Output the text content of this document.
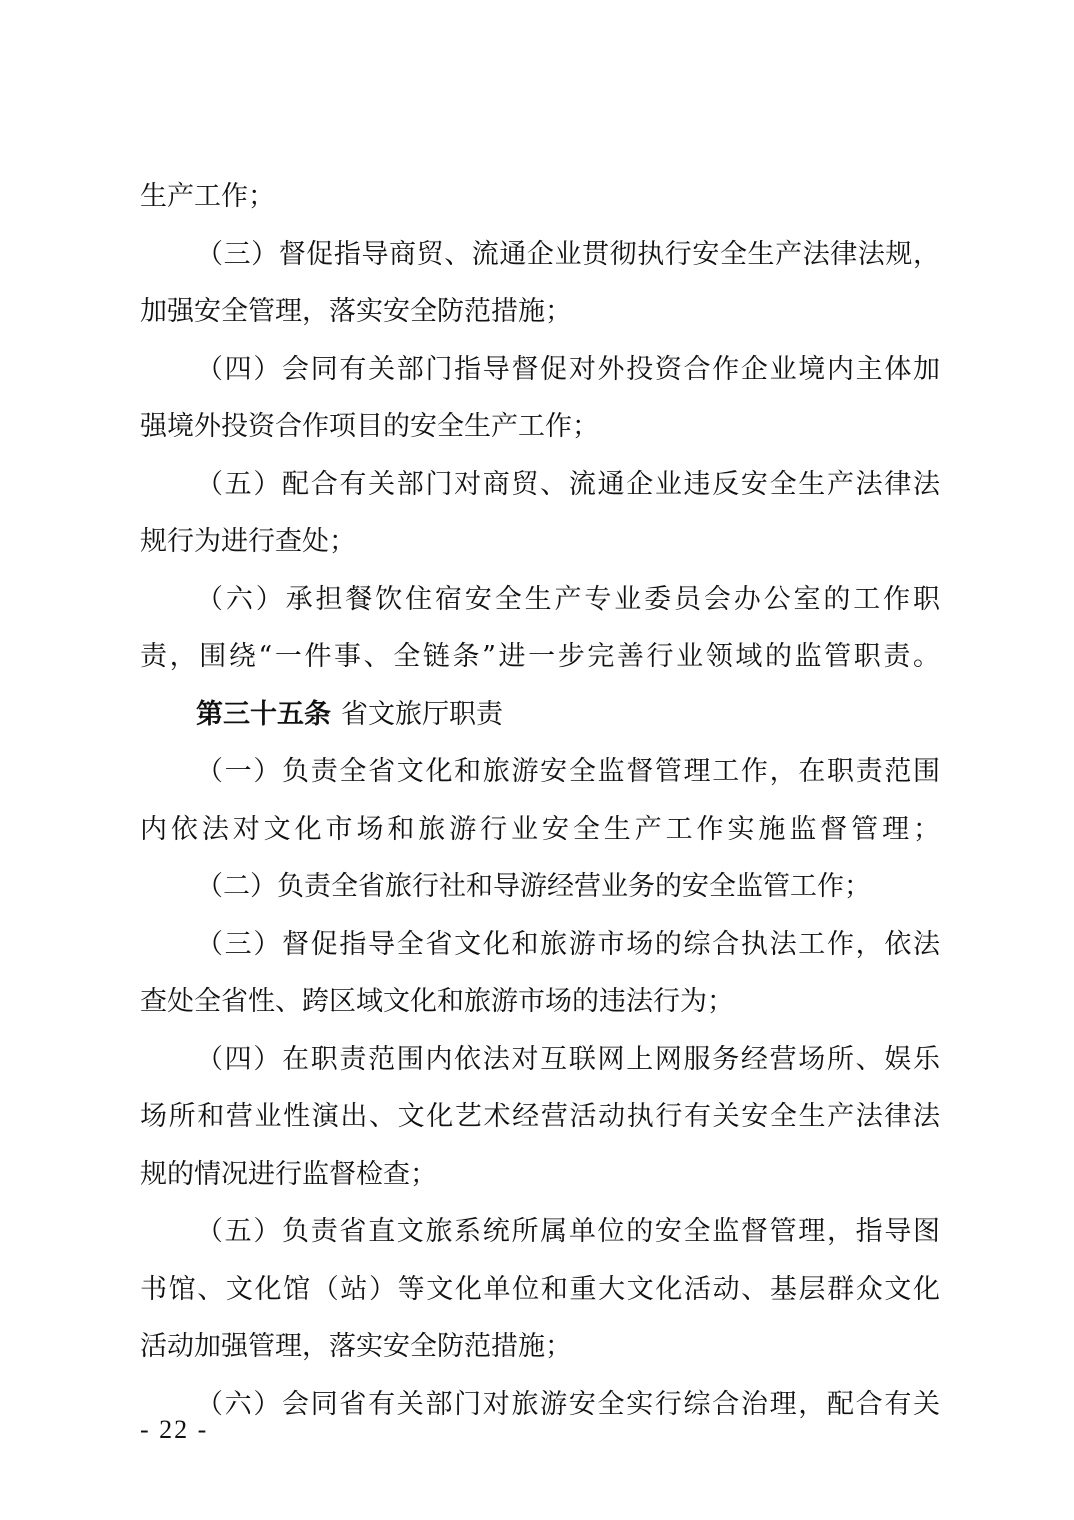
生产工作；
（三）督促指导商贸、流通企业贯彻执行安全生产法律法规，
加强安全管理，落实安全防范措施；
（四）会同有关部门指导督促对外投资合作企业境内主体加
强境外投资合作项目的安全生产工作；
（五）配合有关部门对商贸、流通企业违反安全生产法律法
规行为进行查处；
（六）承担餐饮住宿安全生产专业委员会办公室的工作职
责，围绕“一件事、全链条”进一步完善行业领域的监管职责。
第三十五条 省文旅厅职责
（一）负责全省文化和旅游安全监督管理工作，在职责范围
内依法对文化市场和旅游行业安全生产工作实施监督管理；
（二）负责全省旅行社和导游经营业务的安全监管工作；
（三）督促指导全省文化和旅游市场的综合执法工作，依法
查处全省性、跨区域文化和旅游市场的违法行为；
（四）在职责范围内依法对互联网上网服务经营场所、娱乐
场所和营业性演出、文化艺术经营活动执行有关安全生产法律法
规的情况进行监督检查；
（五）负责省直文旅系统所属单位的安全监督管理，指导图
书馆、文化馆（站）等文化单位和重大文化活动、基层群众文化
活动加强管理，落实安全防范措施；
（六）会同省有关部门对旅游安全实行综合治理，配合有关
- 22 -
